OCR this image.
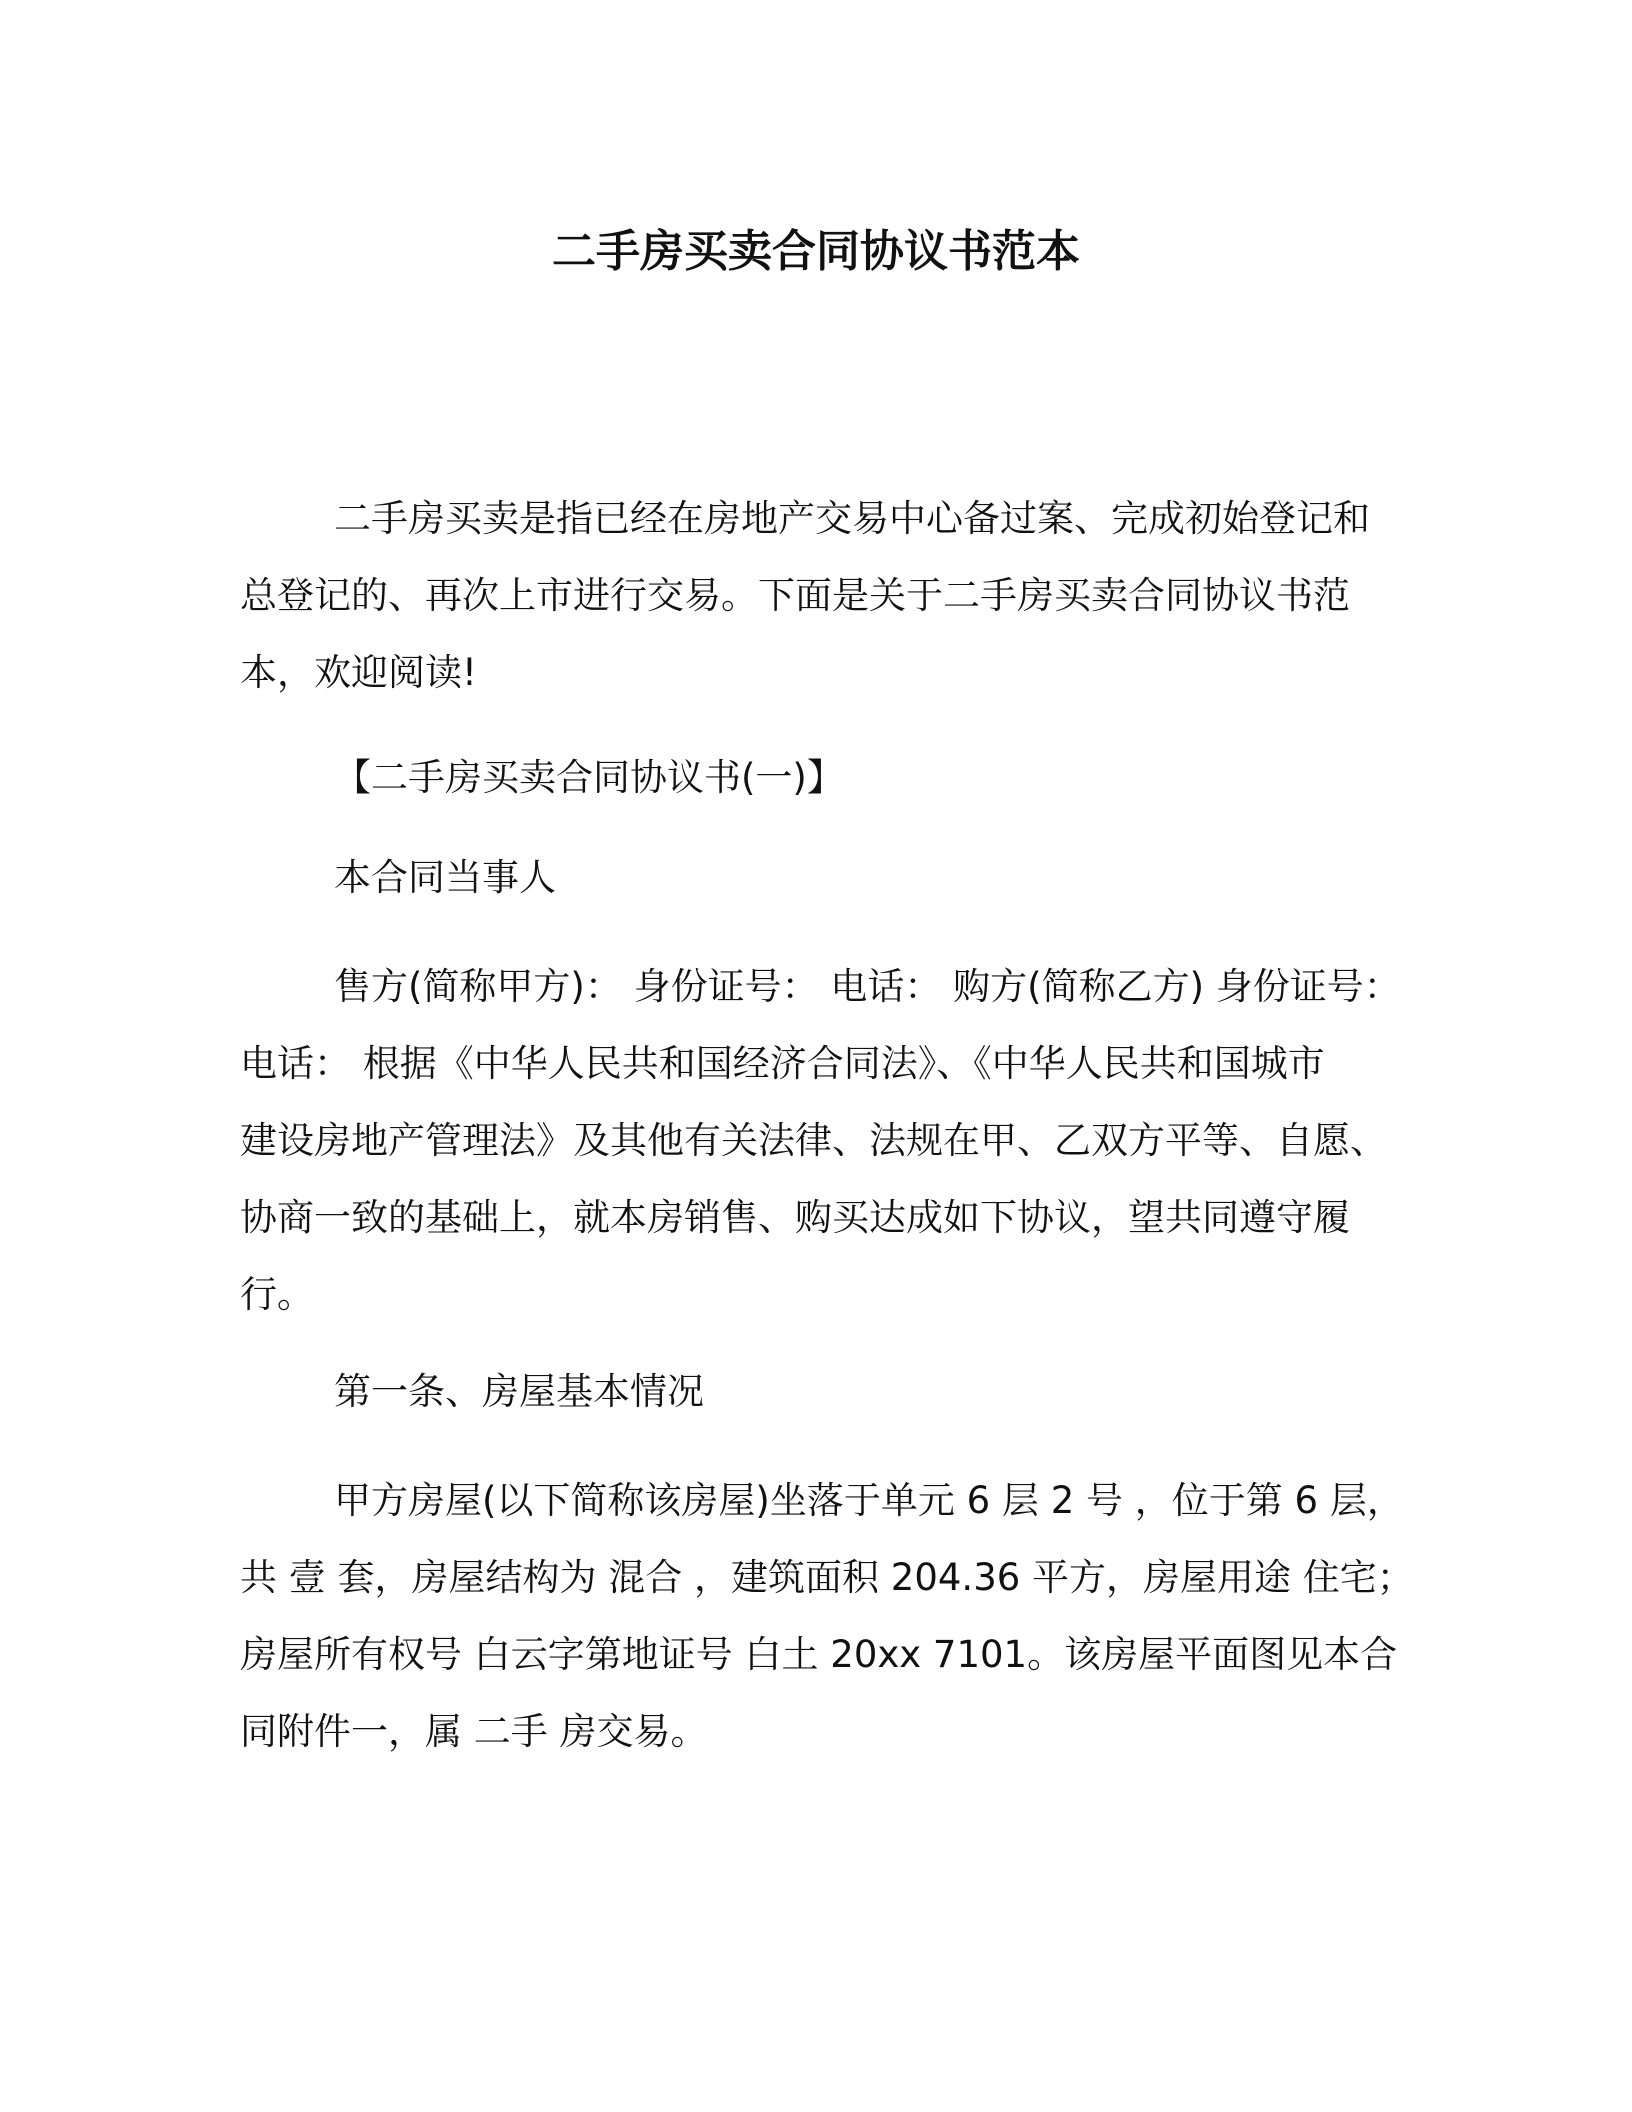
二手房买卖合同协议书范本
二手房买卖是指已经在房地产交易中心备过案、完成初始登记和
总登记的、再次上市进行交易。下面是关于二手房买卖合同协议书范
本，欢迎阅读!
【二手房买卖合同协议书(一)】
本合同当事人
售方(简称甲方)： 身份证号： 电话： 购方(简称乙方) 身份证号：
电话： 根据《中华人民共和国经济合同法》、《中华人民共和国城市
建设房地产管理法》及其他有关法律、法规在甲、乙双方平等、自愿、
协商一致的基础上，就本房销售、购买达成如下协议，望共同遵守履
行。
第一条、房屋基本情况
甲方房屋(以下简称该房屋)坐落于单元 6 层 2 号 ，位于第 6 层，
共 壹 套，房屋结构为 混合 ，建筑面积 204.36 平方，房屋用途 住宅；
房屋所有权号 白云字第地证号 白土 20xx 7101。该房屋平面图见本合
同附件一，属 二手 房交易。
